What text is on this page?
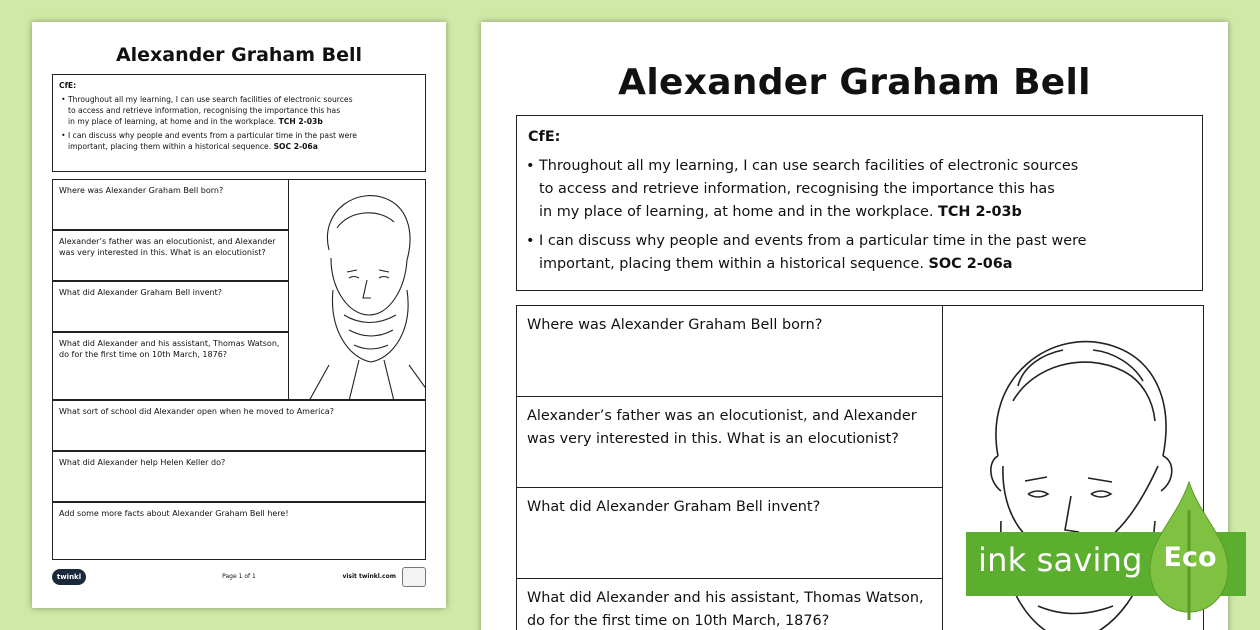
Alexander Graham Bell
CfE:
• Throughout all my learning, I can use search facilities of electronic sources
to access and retrieve information, recognising the importance this has
in my place of learning, at home and in the workplace. TCH 2-03b
• I can discuss why people and events from a particular time in the past were
important, placing them within a historical sequence. SOC 2-06a
Where was Alexander Graham Bell born?
Alexander’s father was an elocutionist, and Alexander
was very interested in this. What is an elocutionist?
What did Alexander Graham Bell invent?
What did Alexander and his assistant, Thomas Watson,
do for the first time on 10th March, 1876?
What sort of school did Alexander open when he moved to America?
What did Alexander help Helen Keller do?
Add some more facts about Alexander Graham Bell here!
twinkl	Page 1 of 1	visit twinkl.com
Alexander Graham Bell
CfE:
• Throughout all my learning, I can use search facilities of electronic sources
to access and retrieve information, recognising the importance this has
in my place of learning, at home and in the workplace. TCH 2-03b
• I can discuss why people and events from a particular time in the past were
important, placing them within a historical sequence. SOC 2-06a
Where was Alexander Graham Bell born?
Alexander’s father was an elocutionist, and Alexander
was very interested in this. What is an elocutionist?
What did Alexander Graham Bell invent?
What did Alexander and his assistant, Thomas Watson,
do for the first time on 10th March, 1876?
ink saving Eco
